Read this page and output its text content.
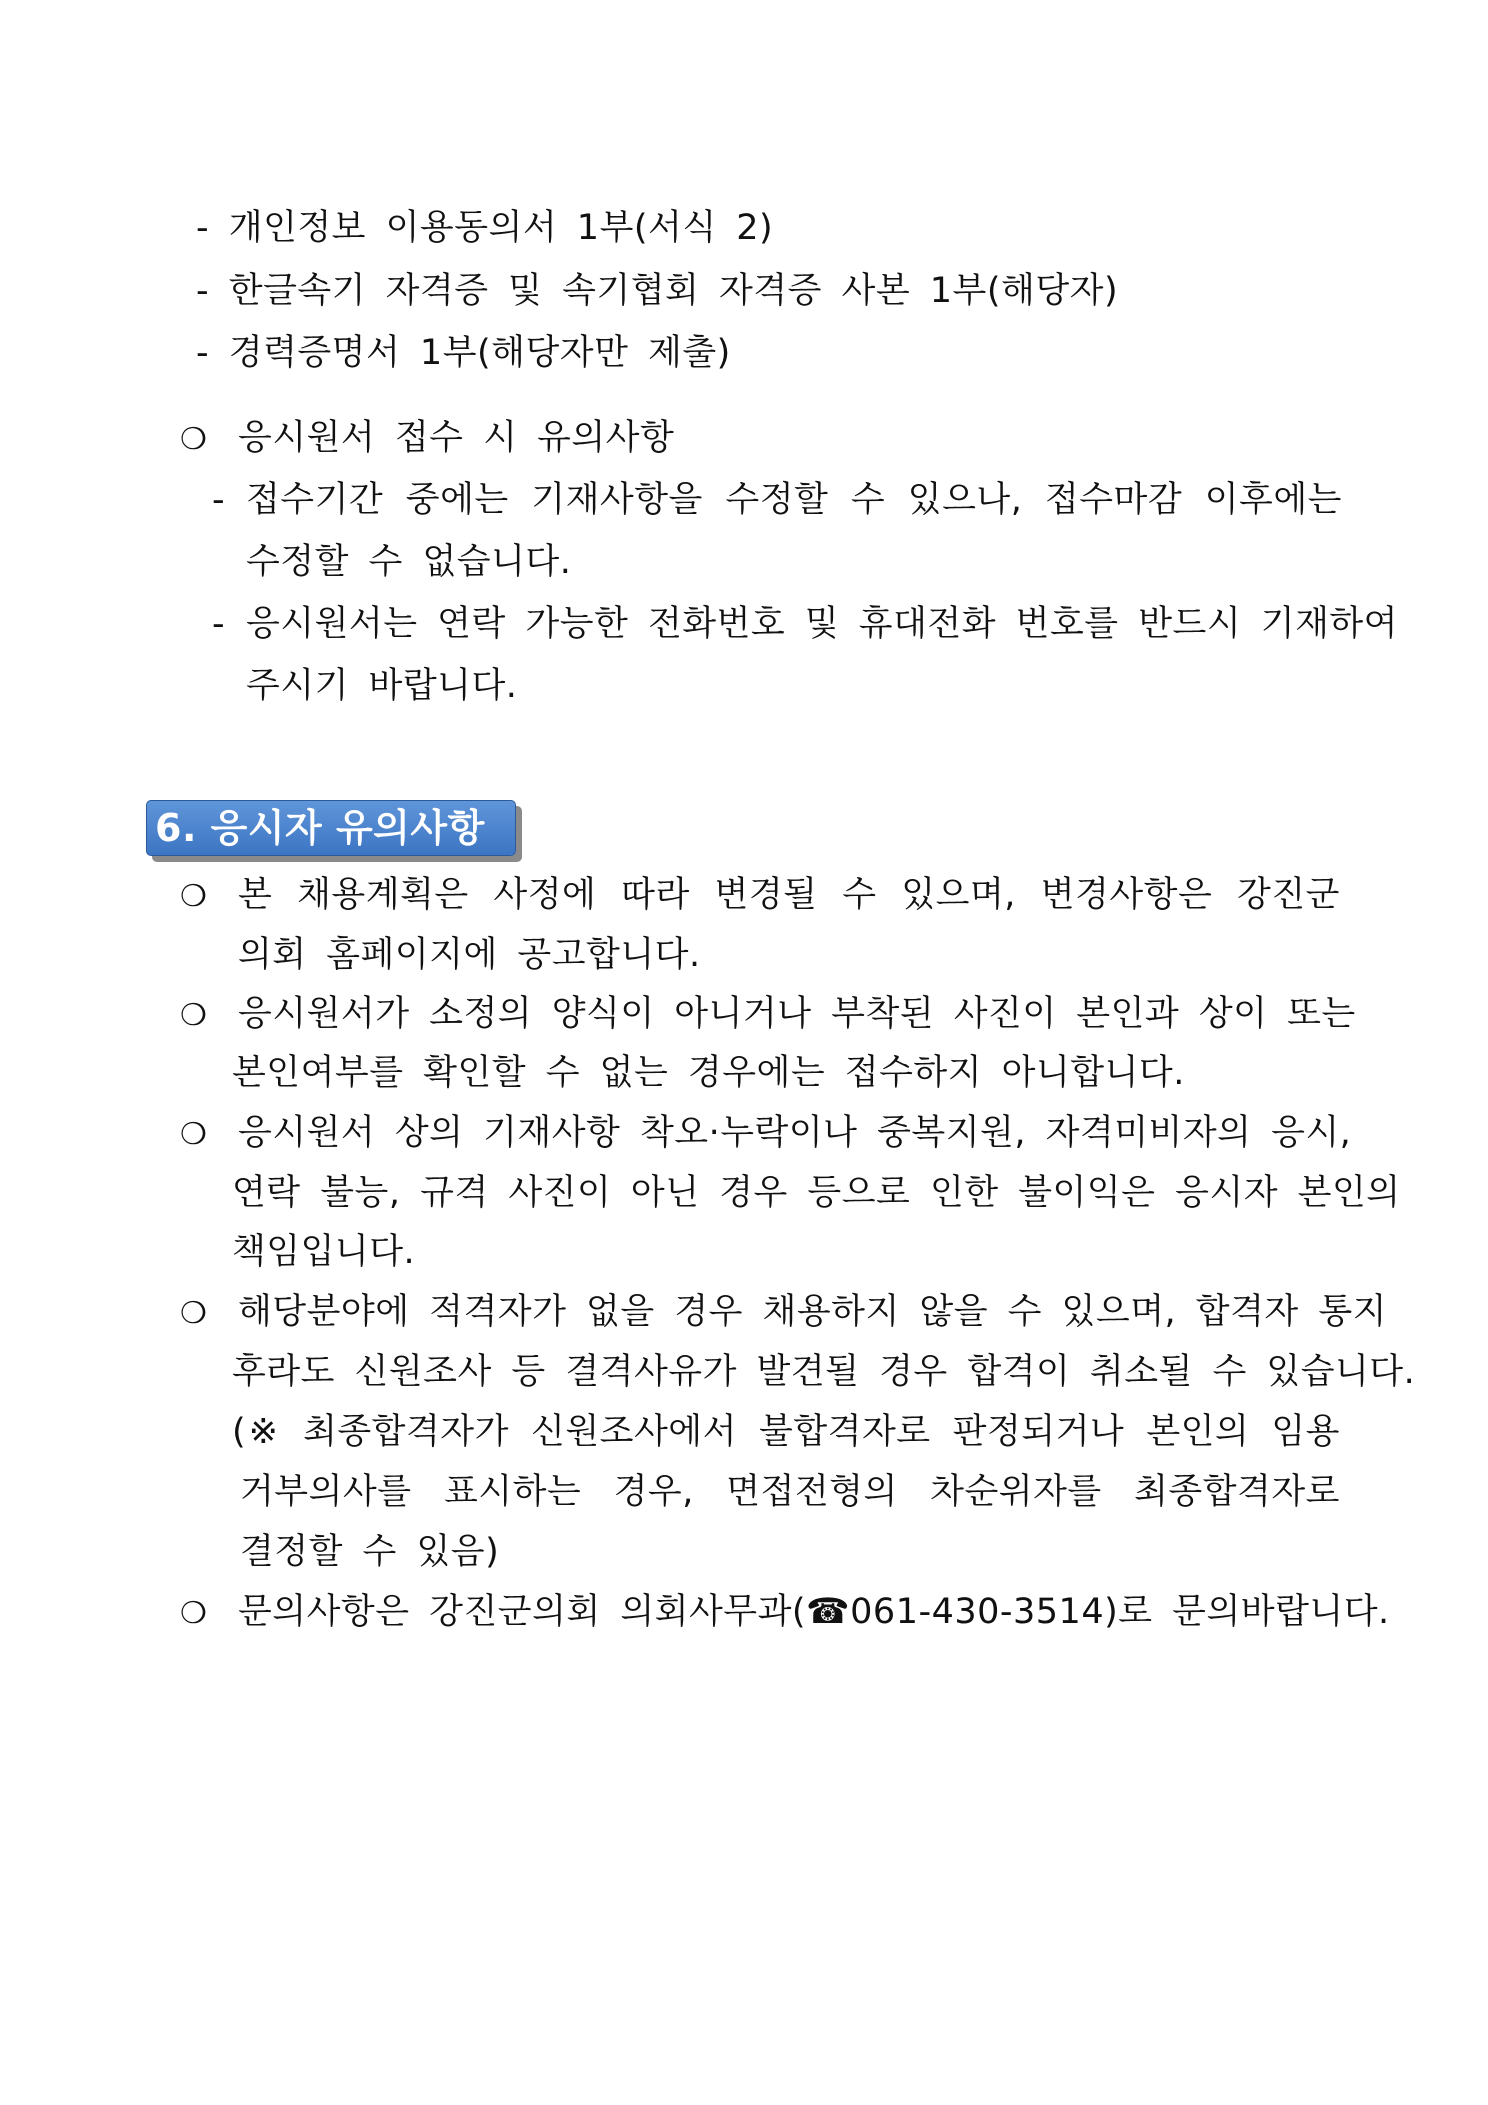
- 개인정보 이용동의서 1부(서식 2)
- 한글속기 자격증 및 속기협회 자격증 사본 1부(해당자)
- 경력증명서 1부(해당자만 제출)
❍ 응시원서 접수 시 유의사항
- 접수기간 중에는 기재사항을 수정할 수 있으나, 접수마감 이후에는
수정할 수 없습니다.
- 응시원서는 연락 가능한 전화번호 및 휴대전화 번호를 반드시 기재하여
주시기 바랍니다.
6. 응시자 유의사항
❍ 본 채용계획은 사정에 따라 변경될 수 있으며, 변경사항은 강진군
의회 홈페이지에 공고합니다.
❍ 응시원서가 소정의 양식이 아니거나 부착된 사진이 본인과 상이 또는
본인여부를 확인할 수 없는 경우에는 접수하지 아니합니다.
❍ 응시원서 상의 기재사항 착오·누락이나 중복지원, 자격미비자의 응시,
연락 불능, 규격 사진이 아닌 경우 등으로 인한 불이익은 응시자 본인의
책임입니다.
❍ 해당분야에 적격자가 없을 경우 채용하지 않을 수 있으며, 합격자 통지
후라도 신원조사 등 결격사유가 발견될 경우 합격이 취소될 수 있습니다.
(※ 최종합격자가 신원조사에서 불합격자로 판정되거나 본인의 임용
거부의사를 표시하는 경우, 면접전형의 차순위자를 최종합격자로
결정할 수 있음)
❍ 문의사항은 강진군의회 의회사무과(☎061-430-3514)로 문의바랍니다.
